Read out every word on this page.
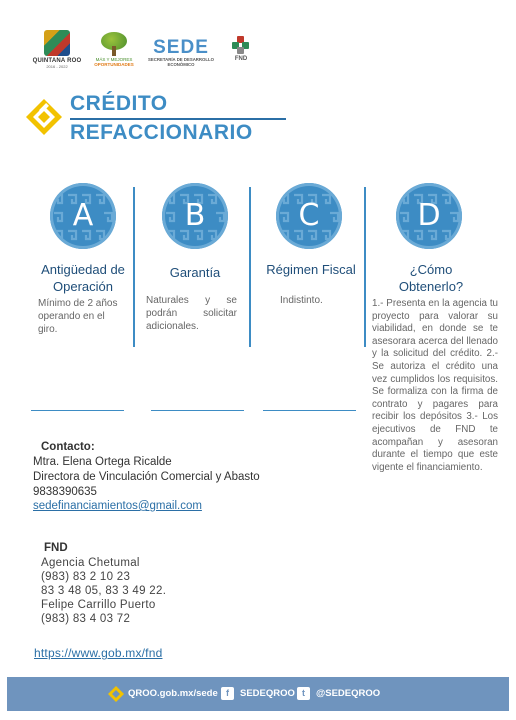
QUINTANA ROO
2016 - 2022
MÁS Y MEJORES
OPORTUNIDADES
SEDE
SECRETARÍA DE DESARROLLO
ECONÓMICO
FND
CRÉDITO
REFACCIONARIO
A
Antigüedad de Operación
Mínimo de 2 años operando en el giro.
B
Garantía
Naturales y se podrán solicitar adicionales.
C
Régimen Fiscal
Indistinto.
D
¿Cómo Obtenerlo?
1.- Presenta en la agencia tu proyecto para valorar su viabilidad, en donde se te asesorara acerca del llenado y la solicitud del crédito. 2.- Se autoriza el crédito una vez cumplidos los requisitos. Se formaliza con la firma de contrato y pagares para recibir los depósitos 3.- Los ejecutivos de FND te acompañan y asesoran durante el tiempo que este vigente el financiamiento.
Contacto:
Mtra. Elena Ortega Ricalde
Directora de Vinculación Comercial y Abasto
9838390635
sedefinanciamientos@gmail.com
FND
Agencia Chetumal
(983) 83 2 10 23
83 3 48 05, 83 3 49 22.
Felipe Carrillo Puerto
(983) 83 4 03 72
https://www.gob.mx/fnd
QROO.gob.mx/sede f	SEDEQROO t	@SEDEQROO
